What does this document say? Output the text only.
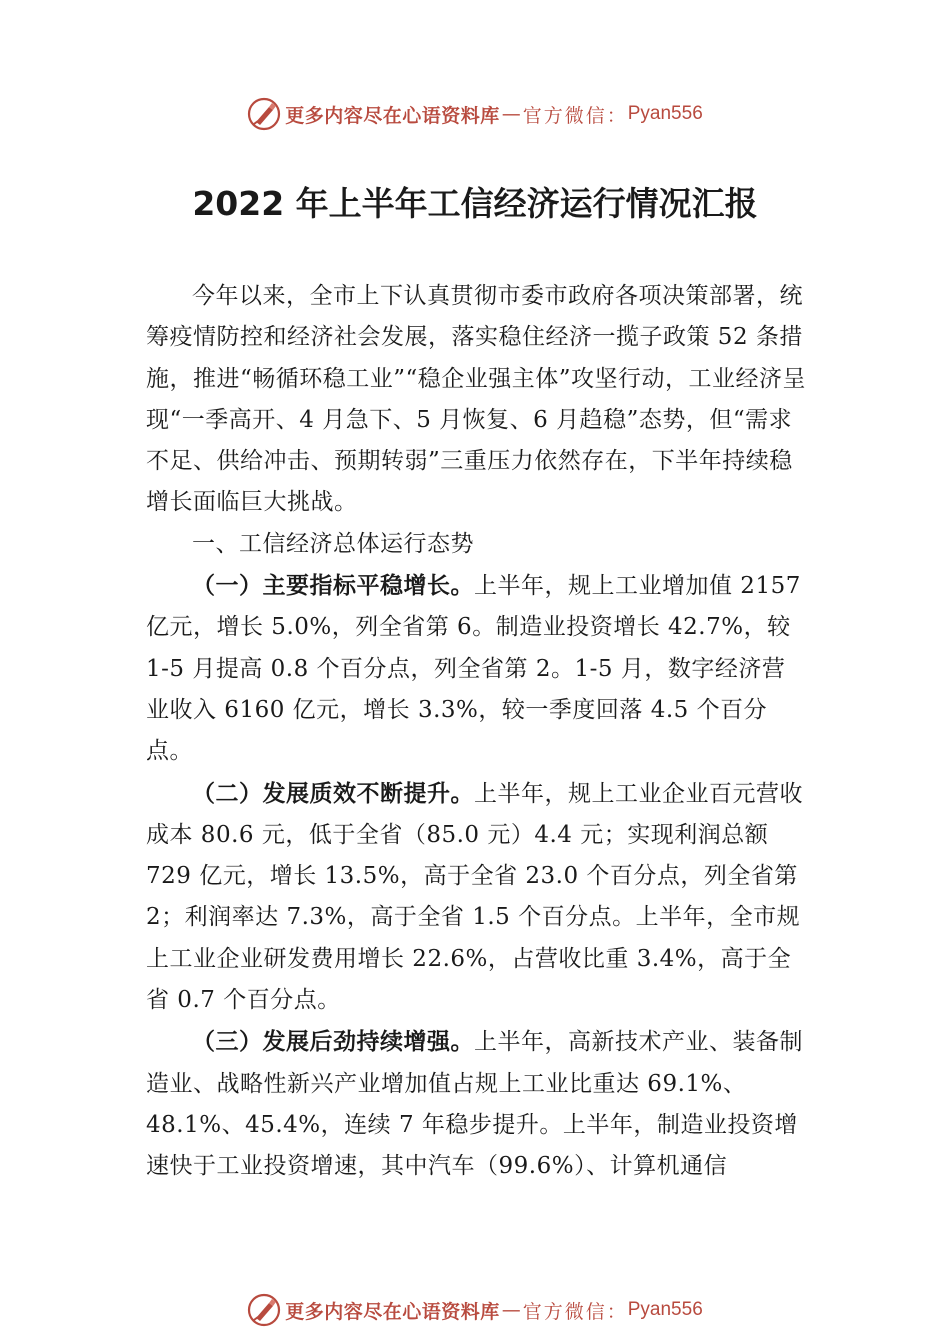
更多内容尽在心语资料库 — 官方微信： Pyan556
2022 年上半年工信经济运行情况汇报

今年以来，全市上下认真贯彻市委市政府各项决策部署，统筹疫情防控和经济社会发展，落实稳住经济一揽子政策 52 条措施，推进“畅循环稳工业”“稳企业强主体”攻坚行动，工业经济呈现“一季高开、4 月急下、5 月恢复、6 月趋稳”态势，但“需求不足、供给冲击、预期转弱”三重压力依然存在，下半年持续稳增长面临巨大挑战。

一、工信经济总体运行态势

（一）主要指标平稳增长。上半年，规上工业增加值 2157 亿元，增长 5.0%，列全省第 6。制造业投资增长 42.7%，较 1-5 月提高 0.8 个百分点，列全省第 2。1-5 月，数字经济营

业收入 6160 亿元，增长 3.3%，较一季度回落 4.5 个百分点。

（二）发展质效不断提升。上半年，规上工业企业百元营收成本 80.6 元，低于全省（85.0 元）4.4 元；实现利润总额 729 亿元，增长 13.5%，高于全省 23.0 个百分点，列全省第 2；利润率达 7.3%，高于全省 1.5 个百分点。上半年，全市规上工业企业研发费用增长 22.6%，占营收比重 3.4%，高于全省 0.7 个百分点。

（三）发展后劲持续增强。上半年，高新技术产业、装备制造业、战略性新兴产业增加值占规上工业比重达 69.1%、48.1%、45.4%，连续 7 年稳步提升。上半年，制造业投资增速快于工业投资增速，其中汽车（99.6%）、计算机通信

更多内容尽在心语资料库 — 官方微信： Pyan556
